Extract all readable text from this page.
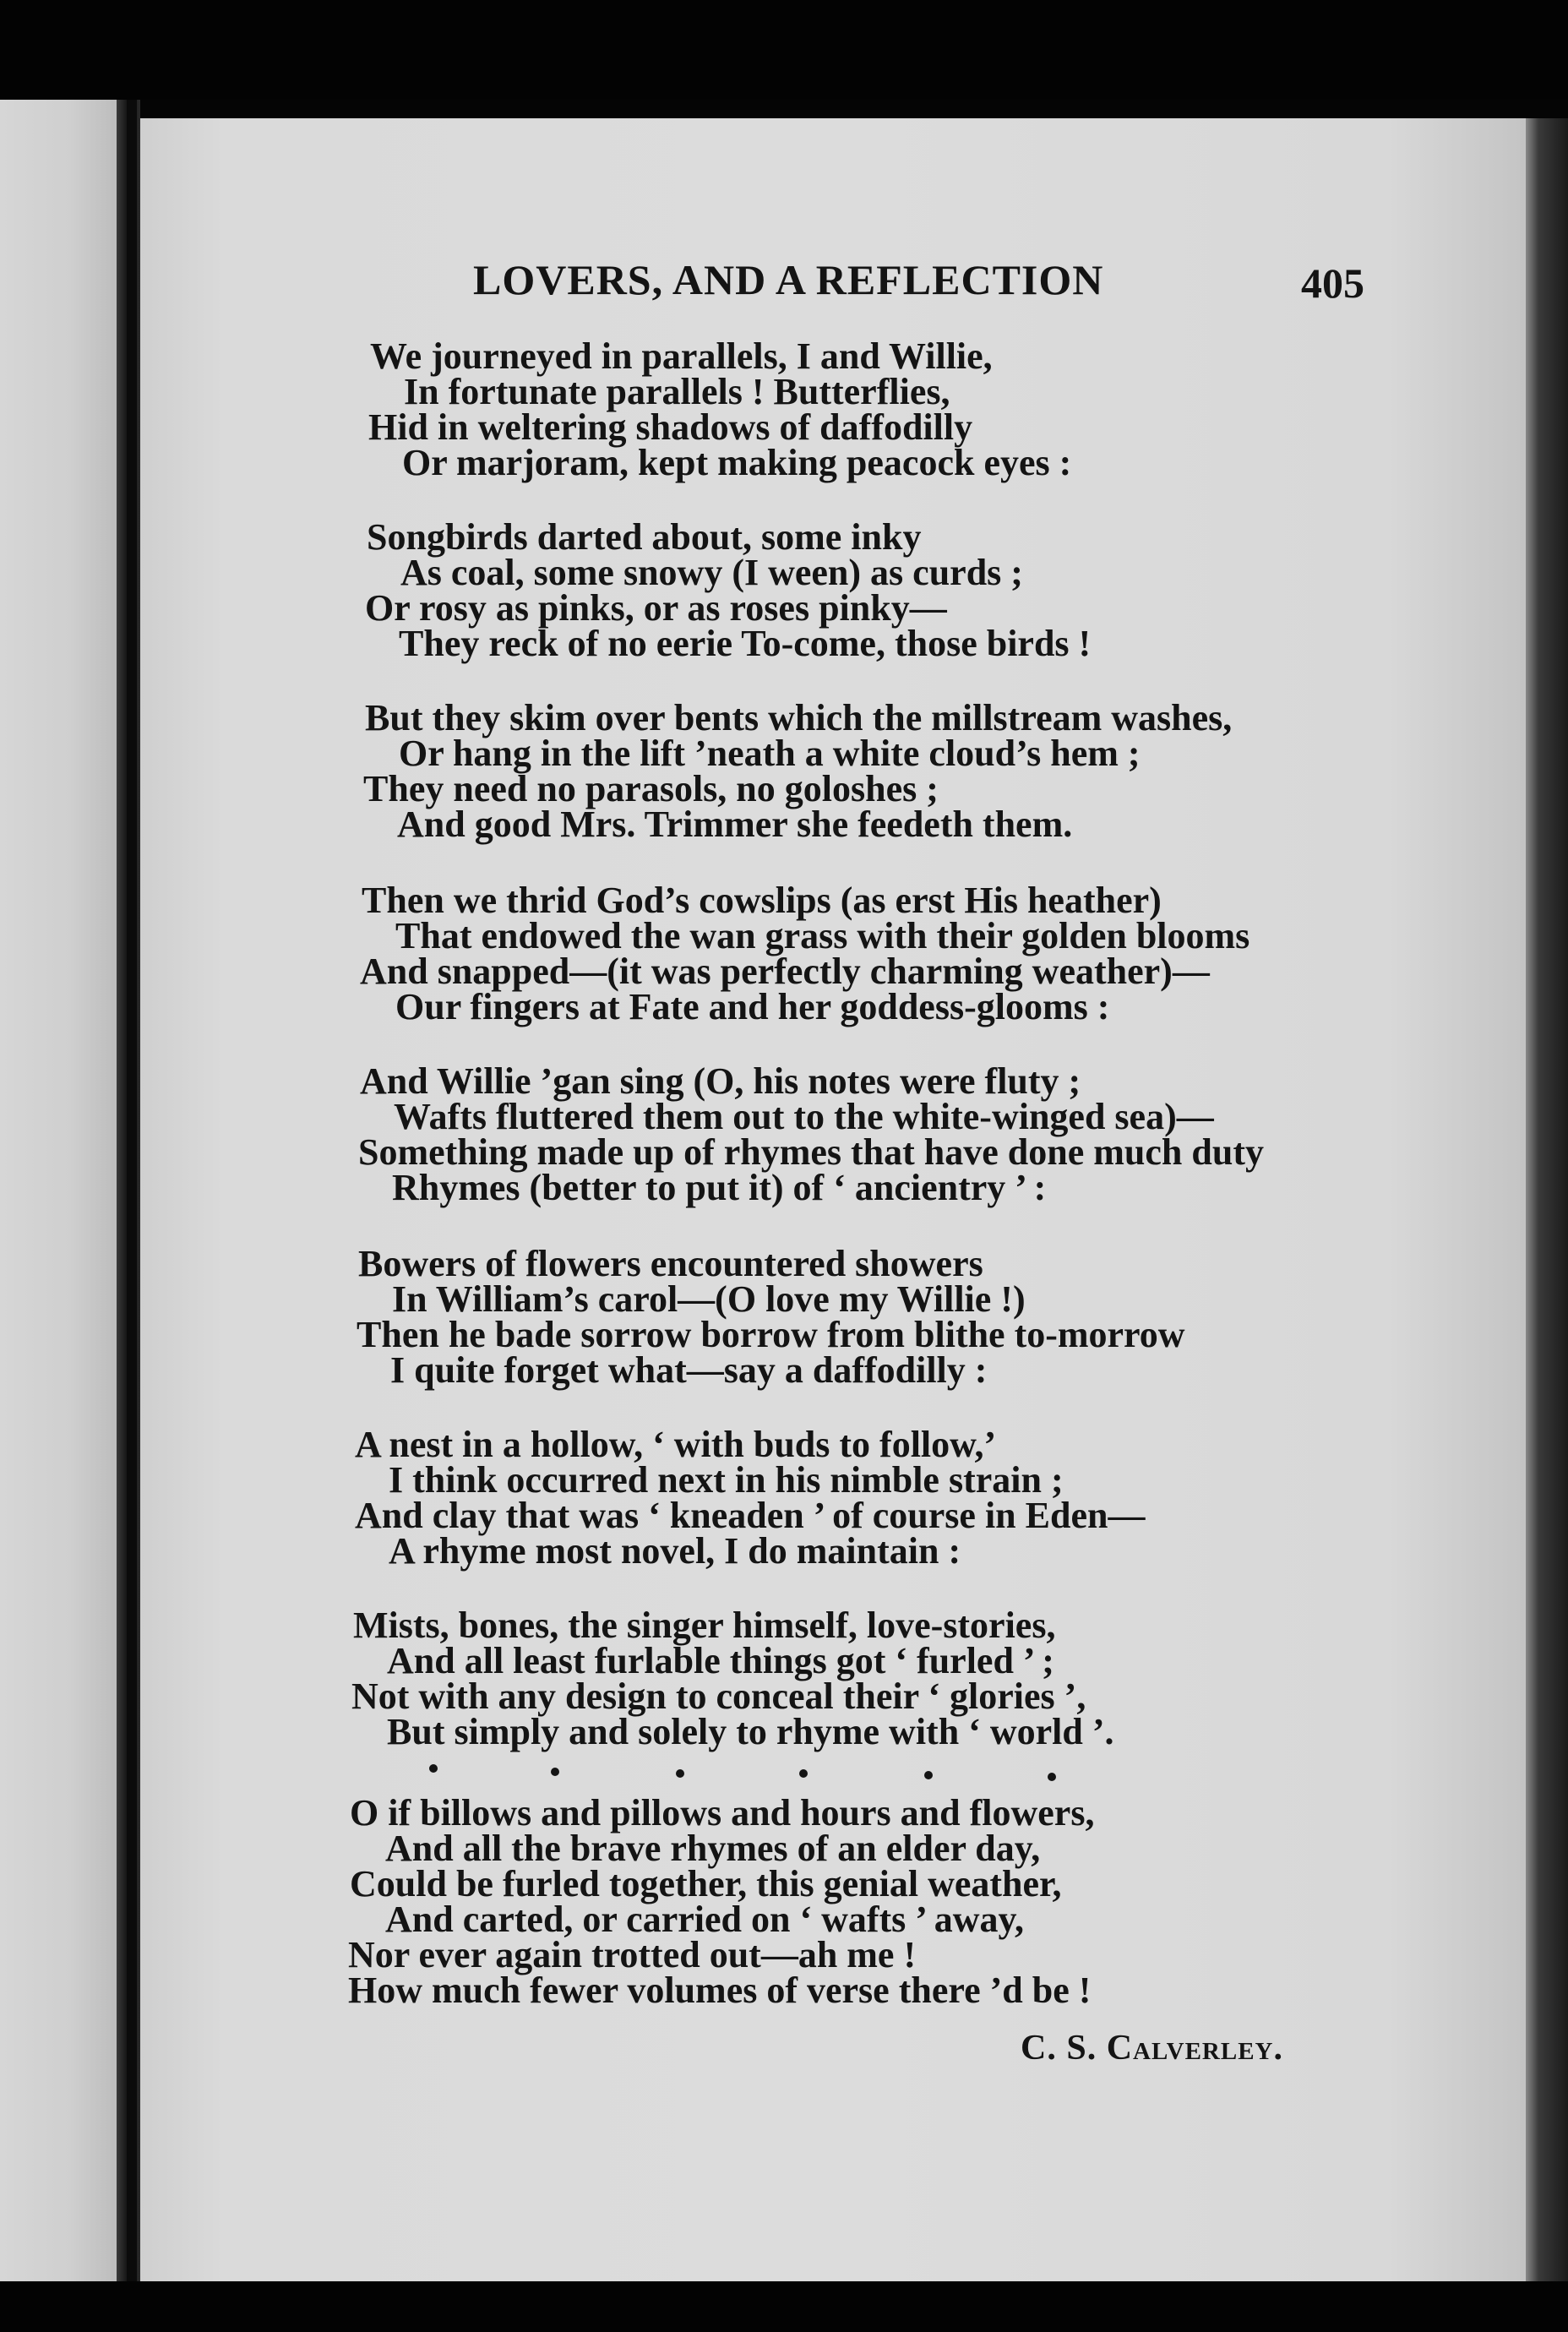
LOVERS, AND A REFLECTION	405
We journeyed in parallels, I and Willie,
In fortunate parallels ! Butterflies,
Hid in weltering shadows of daffodilly
Or marjoram, kept making peacock eyes :
Songbirds darted about, some inky
As coal, some snowy (I ween) as curds ;
Or rosy as pinks, or as roses pinky—
They reck of no eerie To-come, those birds !
But they skim over bents which the millstream washes,
Or hang in the lift ’neath a white cloud’s hem ;
They need no parasols, no goloshes ;
And good Mrs. Trimmer she feedeth them.
Then we thrid God’s cowslips (as erst His heather)
That endowed the wan grass with their golden blooms
And snapped—(it was perfectly charming weather)—
Our fingers at Fate and her goddess-glooms :
And Willie ’gan sing (O, his notes were fluty ;
Wafts fluttered them out to the white-winged sea)—
Something made up of rhymes that have done much duty
Rhymes (better to put it) of ‘ ancientry ’ :
Bowers of flowers encountered showers
In William’s carol—(O love my Willie !)
Then he bade sorrow borrow from blithe to-morrow
I quite forget what—say a daffodilly :
A nest in a hollow, ‘ with buds to follow,’
I think occurred next in his nimble strain ;
And clay that was ‘ kneaden ’ of course in Eden—
A rhyme most novel, I do maintain :
Mists, bones, the singer himself, love-stories,
And all least furlable things got ‘ furled ’ ;
Not with any design to conceal their ‘ glories ’,
But simply and solely to rhyme with ‘ world ’.
O if billows and pillows and hours and flowers,
And all the brave rhymes of an elder day,
Could be furled together, this genial weather,
And carted, or carried on ‘ wafts ’ away,
Nor ever again trotted out—ah me !
How much fewer volumes of verse there ’d be !
C. S. Calverley.
